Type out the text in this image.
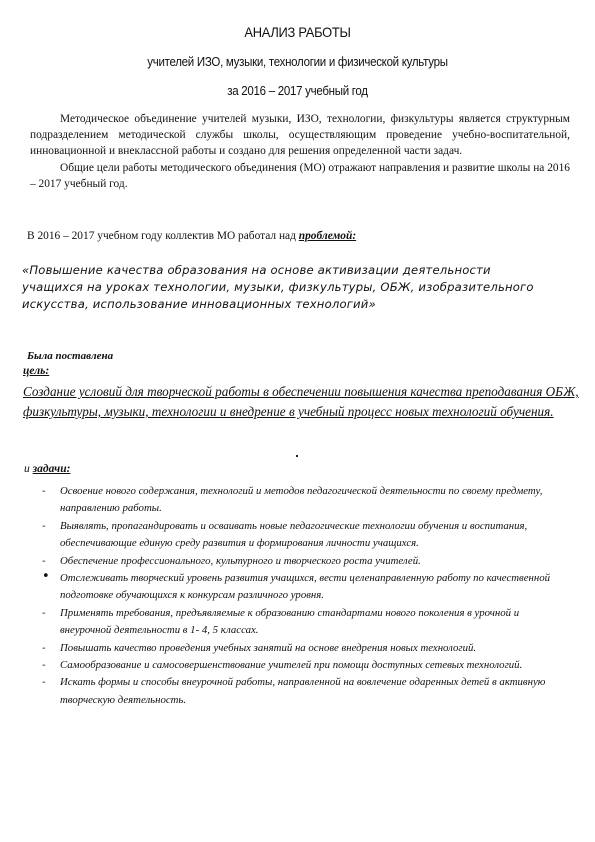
АНАЛИЗ РАБОТЫ
учителей ИЗО, музыки, технологии и физической культуры
за 2016 – 2017 учебный год

Методическое объединение учителей музыки, ИЗО, технологии, физкультуры является структурным подразделением методической службы школы, осуществляющим проведение учебно-воспитательной, инновационной и внеклассной работы и создано для решения определенной части задач.

Общие цели работы методического объединения (МО) отражают направления и развитие школы на 2016 – 2017 учебный год.

В 2016 – 2017 учебном году коллектив МО работал над проблемой:
«Повышение качества образования на основе активизации деятельности учащихся на уроках технологии, музыки, физкультуры, ОБЖ, изобразительного искусства, использование инновационных технологий»
Была поставлена
цель:
Создание условий для творческой работы в обеспечении повышения качества преподавания ОБЖ, физкультуры, музыки, технологии и внедрение в учебный процесс новых технологий обучения.
и задачи:
-	Освоение нового содержания, технологий и методов педагогической деятельности по своему предмету, направлению работы.
-	Выявлять, пропагандировать и осваивать новые педагогические технологии обучения и воспитания, обеспечивающие единую среду развития и формирования личности учащихся.
-	Обеспечение профессионального, культурного и творческого роста учителей.
• Отслеживать творческий уровень развития учащихся, вести целенаправленную работу по качественной подготовке обучающихся к конкурсам различного уровня.
-	Применять требования, предъявляемые к образованию стандартами нового поколения в урочной и внеурочной деятельности в 1- 4, 5 классах.
-	Повышать качество проведения учебных занятий на основе внедрения новых технологий.
-	Самообразование и самосовершенствование учителей при помощи доступных сетевых технологий.
-	Искать формы и способы внеурочной работы, направленной на вовлечение одаренных детей в активную творческую деятельность.
